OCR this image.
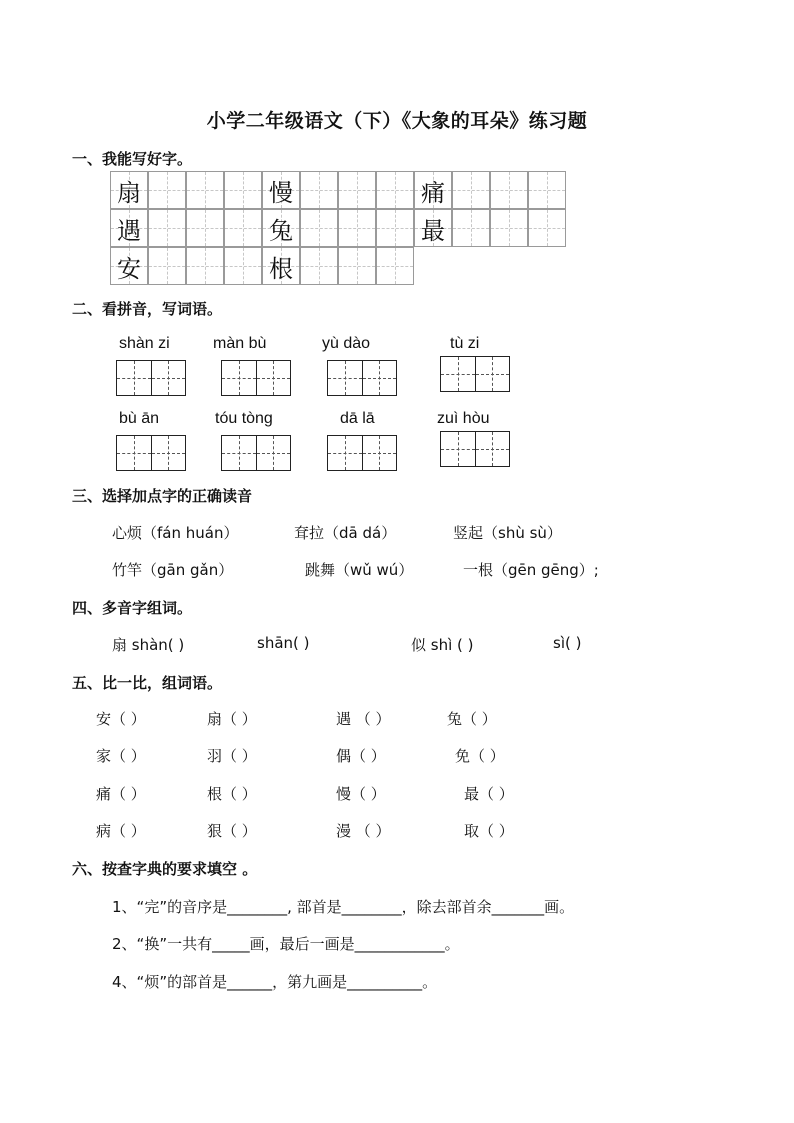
小学二年级语文（下）《大象的耳朵》练习题
一、我能写好字。
扇	慢	痛
遇	兔	最
安	根
二、看拼音，写词语。
shàn zi	màn bù	yù dào	tù zi
bù ān	tóu tòng	dā lā	zuì hòu
三、选择加点字的正确读音
心烦（fán huán）	耷拉（dā dá）	竖起（shù sù）
竹竿（gān gǎn）	跳舞（wǔ wú）	一根（gēn gēng）;
四、多音字组词。
扇 shàn( )	shān( )	似 shì ( )	sì( )
五、比一比，组词语。
安（ ）	扇（ ）	遇 （ ）	兔（ ）
家（ ）	羽（ ）	偶（ ）	免（ ）
痛（ ）	根（ ）	慢（ ）	最（ ）
病（ ）	狠（ ）	漫 （ ）	取（ ）
六、按查字典的要求填空 。
1、“完”的音序是________, 部首是________，除去部首余_______画。
2、“换”一共有_____画，最后一画是____________。
4、“烦”的部首是______，第九画是__________。
